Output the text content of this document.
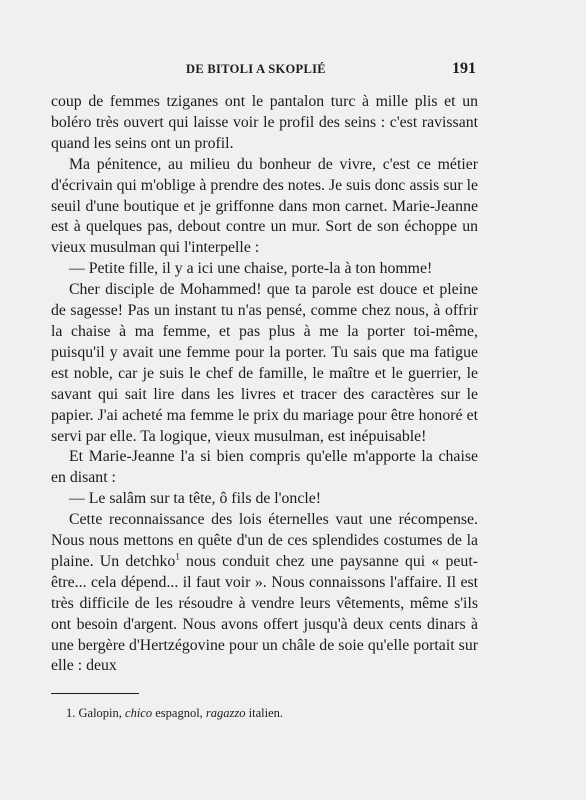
DE BITOLI A SKOPLIÉ	191

coup de femmes tziganes ont le pantalon turc à mille plis et un boléro très ouvert qui laisse voir le profil des seins : c'est ravissant quand les seins ont un profil.

Ma pénitence, au milieu du bonheur de vivre, c'est ce métier d'écrivain qui m'oblige à prendre des notes. Je suis donc assis sur le seuil d'une boutique et je griffonne dans mon carnet. Marie-Jeanne est à quelques pas, debout contre un mur. Sort de son échoppe un vieux musulman qui l'interpelle :

— Petite fille, il y a ici une chaise, porte-la à ton homme!

Cher disciple de Mohammed! que ta parole est douce et pleine de sagesse! Pas un instant tu n'as pensé, comme chez nous, à offrir la chaise à ma femme, et pas plus à me la porter toi-même, puisqu'il y avait une femme pour la porter. Tu sais que ma fatigue est noble, car je suis le chef de famille, le maître et le guerrier, le savant qui sait lire dans les livres et tracer des caractères sur le papier. J'ai acheté ma femme le prix du mariage pour être honoré et servi par elle. Ta logique, vieux musulman, est inépuisable!

Et Marie-Jeanne l'a si bien compris qu'elle m'apporte la chaise en disant :

— Le salâm sur ta tête, ô fils de l'oncle!

Cette reconnaissance des lois éternelles vaut une récompense. Nous nous mettons en quête d'un de ces splendides costumes de la plaine. Un detchko$^1$ nous conduit chez une paysanne qui « peut-être... cela dépend... il faut voir ». Nous connaissons l'affaire. Il est très difficile de les résoudre à vendre leurs vêtements, même s'ils ont besoin d'argent. Nous avons offert jusqu'à deux cents dinars à une bergère d'Hertzégovine pour un châle de soie qu'elle portait sur elle : deux

1. Galopin, chico espagnol, ragazzo italien.
